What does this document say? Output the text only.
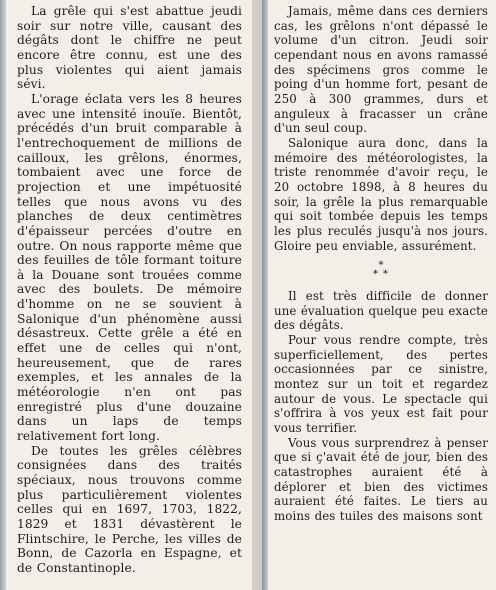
La grêle qui s'est abattue jeudi soir sur notre ville, causant des dégâts dont le chiffre ne peut encore être connu, est une des plus violentes qui aient jamais sévi.

L'orage éclata vers les 8 heures avec une intensité inouïe. Bientôt, précédés d'un bruit comparable à l'entrechoquement de millions de cailloux, les grêlons, énormes, tombaient avec une force de projection et une impétuosité telles que nous avons vu des planches de deux centimètres d'épaisseur percées d'outre en outre. On nous rapporte même que des feuilles de tôle formant toiture à la Douane sont trouées comme avec des boulets. De mémoire d'homme on ne se souvient à Salonique d'un phénomène aussi désastreux. Cette grêle a été en effet une de celles qui n'ont, heureusement, que de rares exemples, et les annales de la météorologie n'en ont pas enregistré plus d'une douzaine dans un laps de temps relativement fort long.

De toutes les grêles célèbres consignées dans des traités spéciaux, nous trouvons comme plus particulièrement violentes celles qui en 1697, 1703, 1822, 1829 et 1831 dévastèrent le Flintschire, le Perche, les villes de Bonn, de Cazorla en Espagne, et de Constantinople.

Jamais, même dans ces derniers cas, les grêlons n'ont dépassé le volume d'un citron. Jeudi soir cependant nous en avons ramassé des spécimens gros comme le poing d'un homme fort, pesant de 250 à 300 grammes, durs et anguleux à fracasser un crâne d'un seul coup.

Salonique aura donc, dans la mémoire des météorologistes, la triste renommée d'avoir reçu, le 20 octobre 1898, à 8 heures du soir, la grêle la plus remarquable qui soit tombée depuis les temps les plus reculés jusqu'à nos jours. Gloire peu enviable, assurément.

*
* *

Il est très difficile de donner une évaluation quelque peu exacte des dégâts.

Pour vous rendre compte, très superficiellement, des pertes occasionnées par ce sinistre, montez sur un toit et regardez autour de vous. Le spectacle qui s'offrira à vos yeux est fait pour vous terrifier.

Vous vous surprendrez à penser que si ç'avait été de jour, bien des catastrophes auraient été à déplorer et bien des victimes auraient été faites. Le tiers au moins des tuiles des maisons sont
